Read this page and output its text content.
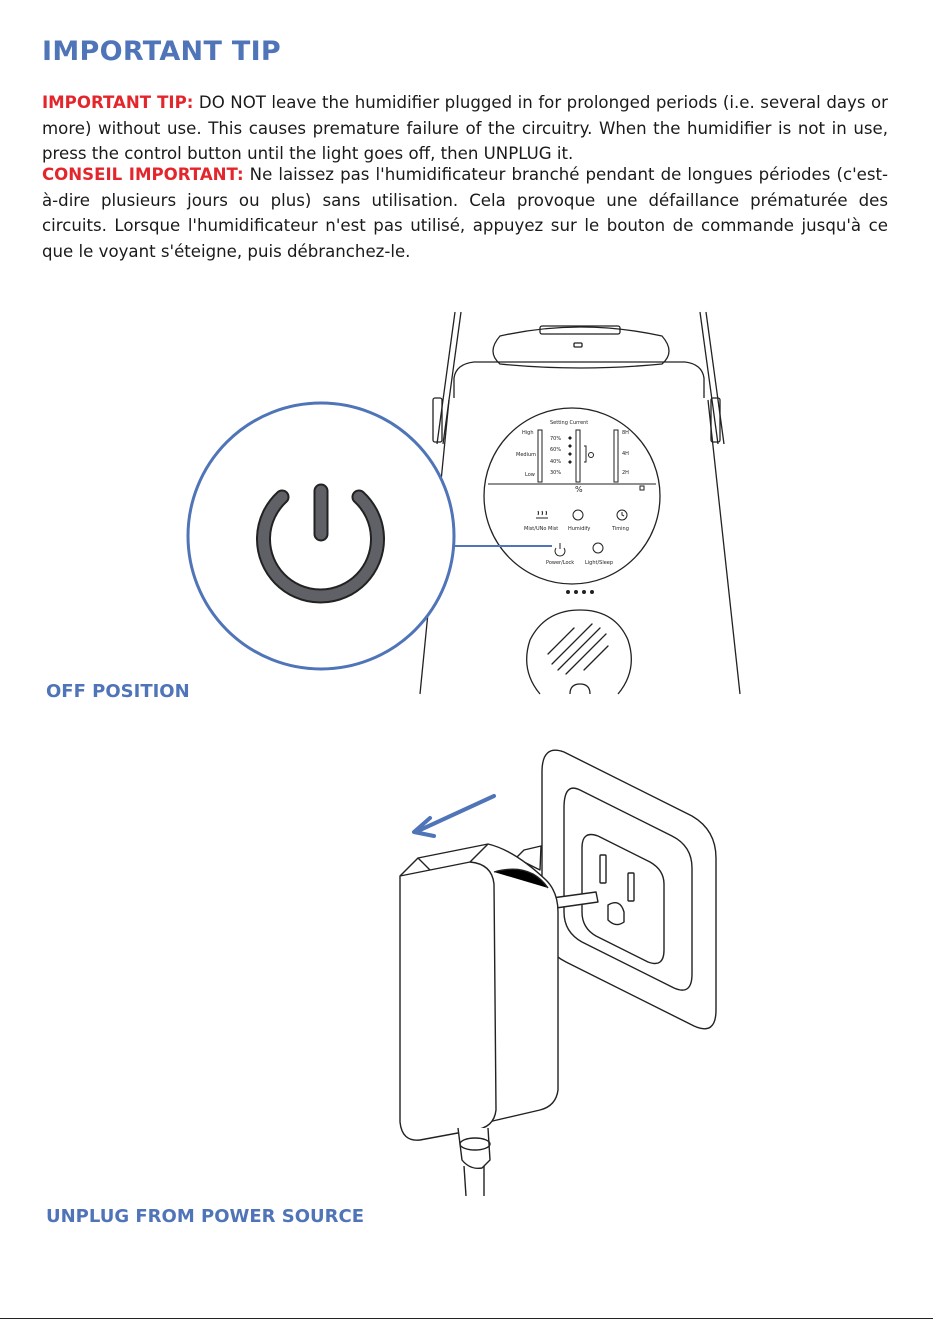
IMPORTANT TIP

IMPORTANT TIP: DO NOT leave the humidifier plugged in for prolonged periods (i.e. several days or more) without use. This causes premature failure of the circuitry. When the humidifier is not in use, press the control button until the light goes off, then UNPLUG it.

CONSEIL IMPORTANT: Ne laissez pas l'humidificateur branché pendant de longues périodes (c'est-à-dire plusieurs jours ou plus) sans utilisation. Cela provoque une défaillance prématurée des circuits. Lorsque l'humidificateur n'est pas utilisé, appuyez sur le bouton de commande jusqu'à ce que le voyant s'éteigne, puis débranchez-le.

Setting Current
High
Medium
Low
70%
60%
40%
30%
8H
4H
2H
%
Mist/UNo Mist Humidify	Timing
Power/Lock Light/Sleep
OFF POSITION
UNPLUG FROM POWER SOURCE
